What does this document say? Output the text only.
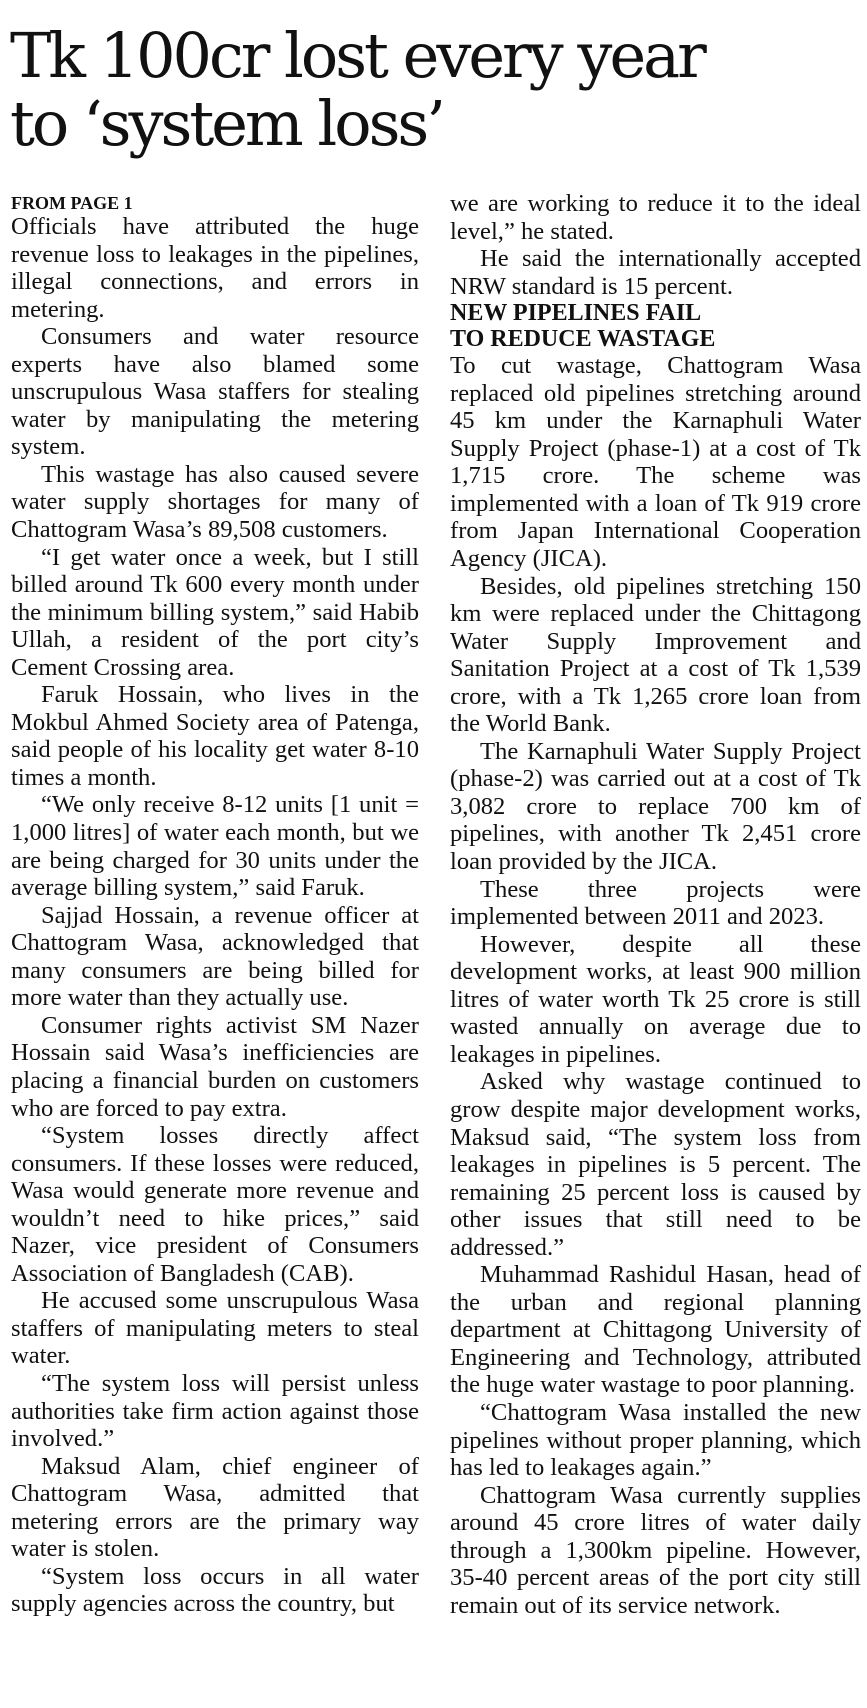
Tk 100cr lost every year
to ‘system loss’
FROM PAGE 1

Officials have attributed the huge revenue loss to leakages in the pipelines, illegal connections, and errors in metering.

Consumers and water resource experts have also blamed some unscrupulous Wasa staffers for stealing water by manipulating the metering system.

This wastage has also caused severe water supply shortages for many of Chattogram Wasa’s 89,508 customers.

“I get water once a week, but I still billed around Tk 600 every month under the minimum billing system,” said Habib Ullah, a resident of the port city’s Cement Crossing area.

Faruk Hossain, who lives in the Mokbul Ahmed Society area of Patenga, said people of his locality get water 8-10 times a month.

“We only receive 8-12 units [1 unit = 1,000 litres] of water each month, but we are being charged for 30 units under the average billing system,” said Faruk.

Sajjad Hossain, a revenue officer at Chattogram Wasa, acknowledged that many consumers are being billed for more water than they actually use.

Consumer rights activist SM Nazer Hossain said Wasa’s inefficiencies are placing a financial burden on customers who are forced to pay extra.

“System losses directly affect consumers. If these losses were reduced, Wasa would generate more revenue and wouldn’t need to hike prices,” said Nazer, vice president of Consumers Association of Bangladesh (CAB).

He accused some unscrupulous Wasa staffers of manipulating meters to steal water.

“The system loss will persist unless authorities take firm action against those involved.”

Maksud Alam, chief engineer of Chattogram Wasa, admitted that metering errors are the primary way water is stolen.

“System loss occurs in all water supply agencies across the country, but

we are working to reduce it to the ideal level,” he stated.

He said the internationally accepted NRW standard is 15 percent.

NEW PIPELINES FAIL
TO REDUCE WASTAGE

To cut wastage, Chattogram Wasa replaced old pipelines stretching around 45 km under the Karnaphuli Water Supply Project (phase-1) at a cost of Tk 1,715 crore. The scheme was implemented with a loan of Tk 919 crore from Japan International Cooperation Agency (JICA).

Besides, old pipelines stretching 150 km were replaced under the Chittagong Water Supply Improvement and Sanitation Project at a cost of Tk 1,539 crore, with a Tk 1,265 crore loan from the World Bank.

The Karnaphuli Water Supply Project (phase-2) was carried out at a cost of Tk 3,082 crore to replace 700 km of pipelines, with another Tk 2,451 crore loan provided by the JICA.

These three projects were implemented between 2011 and 2023.

However, despite all these development works, at least 900 million litres of water worth Tk 25 crore is still wasted annually on average due to leakages in pipelines.

Asked why wastage continued to grow despite major development works, Maksud said, “The system loss from leakages in pipelines is 5 percent. The remaining 25 percent loss is caused by other issues that still need to be addressed.”

Muhammad Rashidul Hasan, head of the urban and regional planning department at Chittagong University of Engineering and Technology, attributed the huge water wastage to poor planning.

“Chattogram Wasa installed the new pipelines without proper planning, which has led to leakages again.”

Chattogram Wasa currently supplies around 45 crore litres of water daily through a 1,300km pipeline. However, 35-40 percent areas of the port city still remain out of its service network.
